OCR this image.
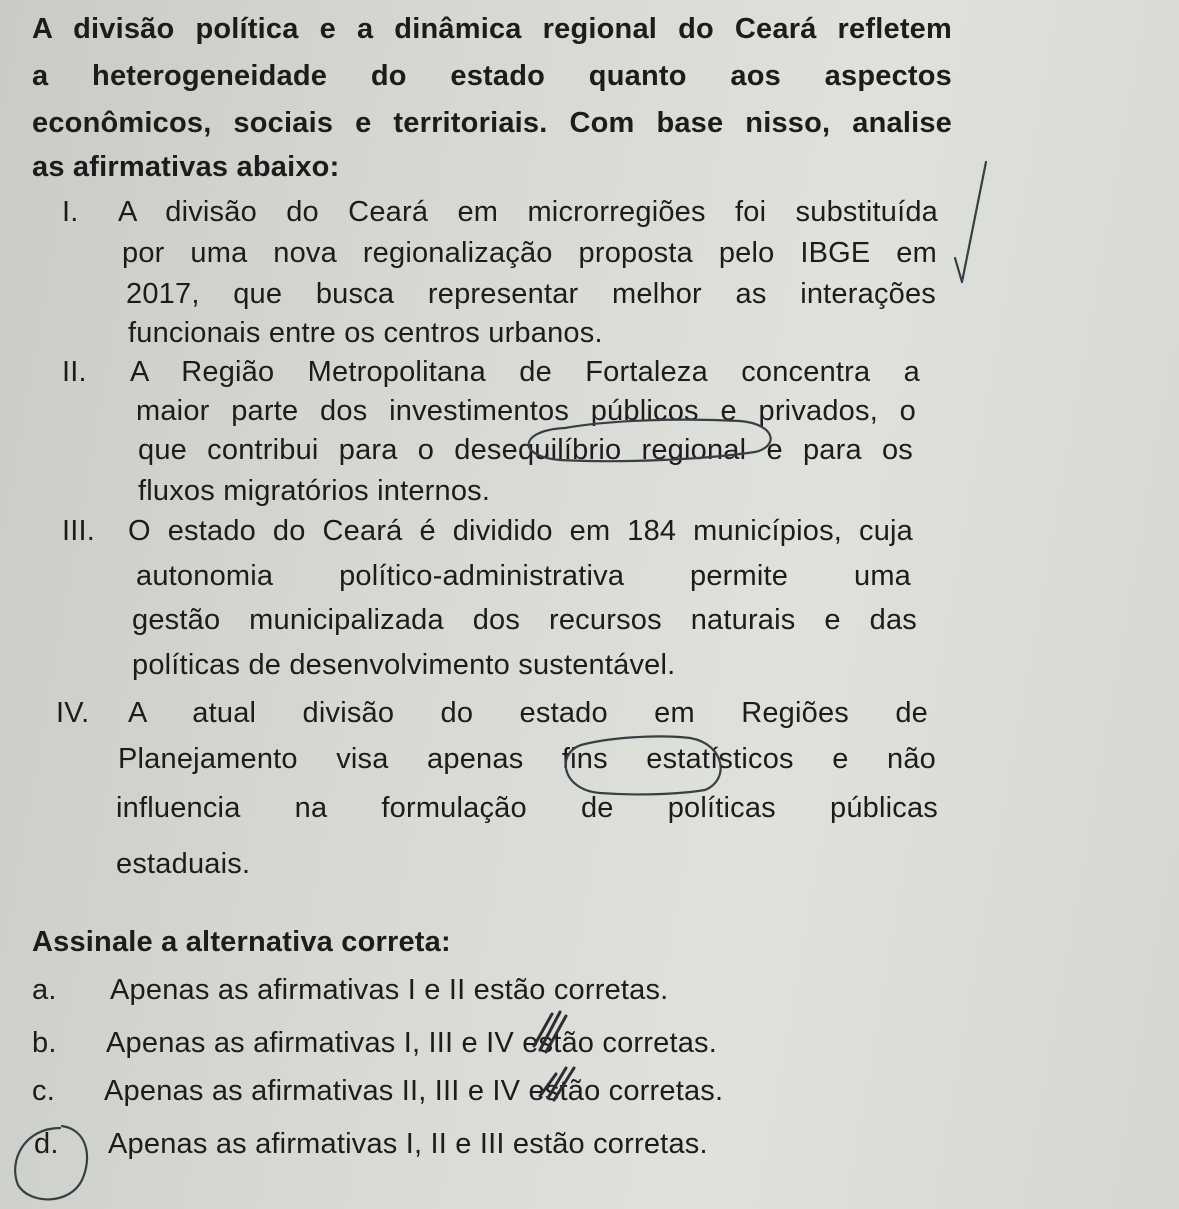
A divisão política e a dinâmica regional do Ceará refletem
a heterogeneidade do estado quanto aos aspectos
econômicos, sociais e territoriais. Com base nisso, analise
as afirmativas abaixo:
I. A divisão do Ceará em microrregiões foi substituída
por uma nova regionalização proposta pelo IBGE em
2017, que busca representar melhor as interações
funcionais entre os centros urbanos.
II. A Região Metropolitana de Fortaleza concentra a
maior parte dos investimentos públicos e privados, o
que contribui para o desequilíbrio regional e para os
fluxos migratórios internos.
III. O estado do Ceará é dividido em 184 municípios, cuja
autonomia político-administrativa permite uma
gestão municipalizada dos recursos naturais e das
políticas de desenvolvimento sustentável.
IV. A atual divisão do estado em Regiões de
Planejamento visa apenas fins estatísticos e não
influencia na formulação de políticas públicas
estaduais.
Assinale a alternativa correta:
a. Apenas as afirmativas I e II estão corretas.
b. Apenas as afirmativas I, III e IV estão corretas.
c. Apenas as afirmativas II, III e IV estão corretas.
d. Apenas as afirmativas I, II e III estão corretas.
